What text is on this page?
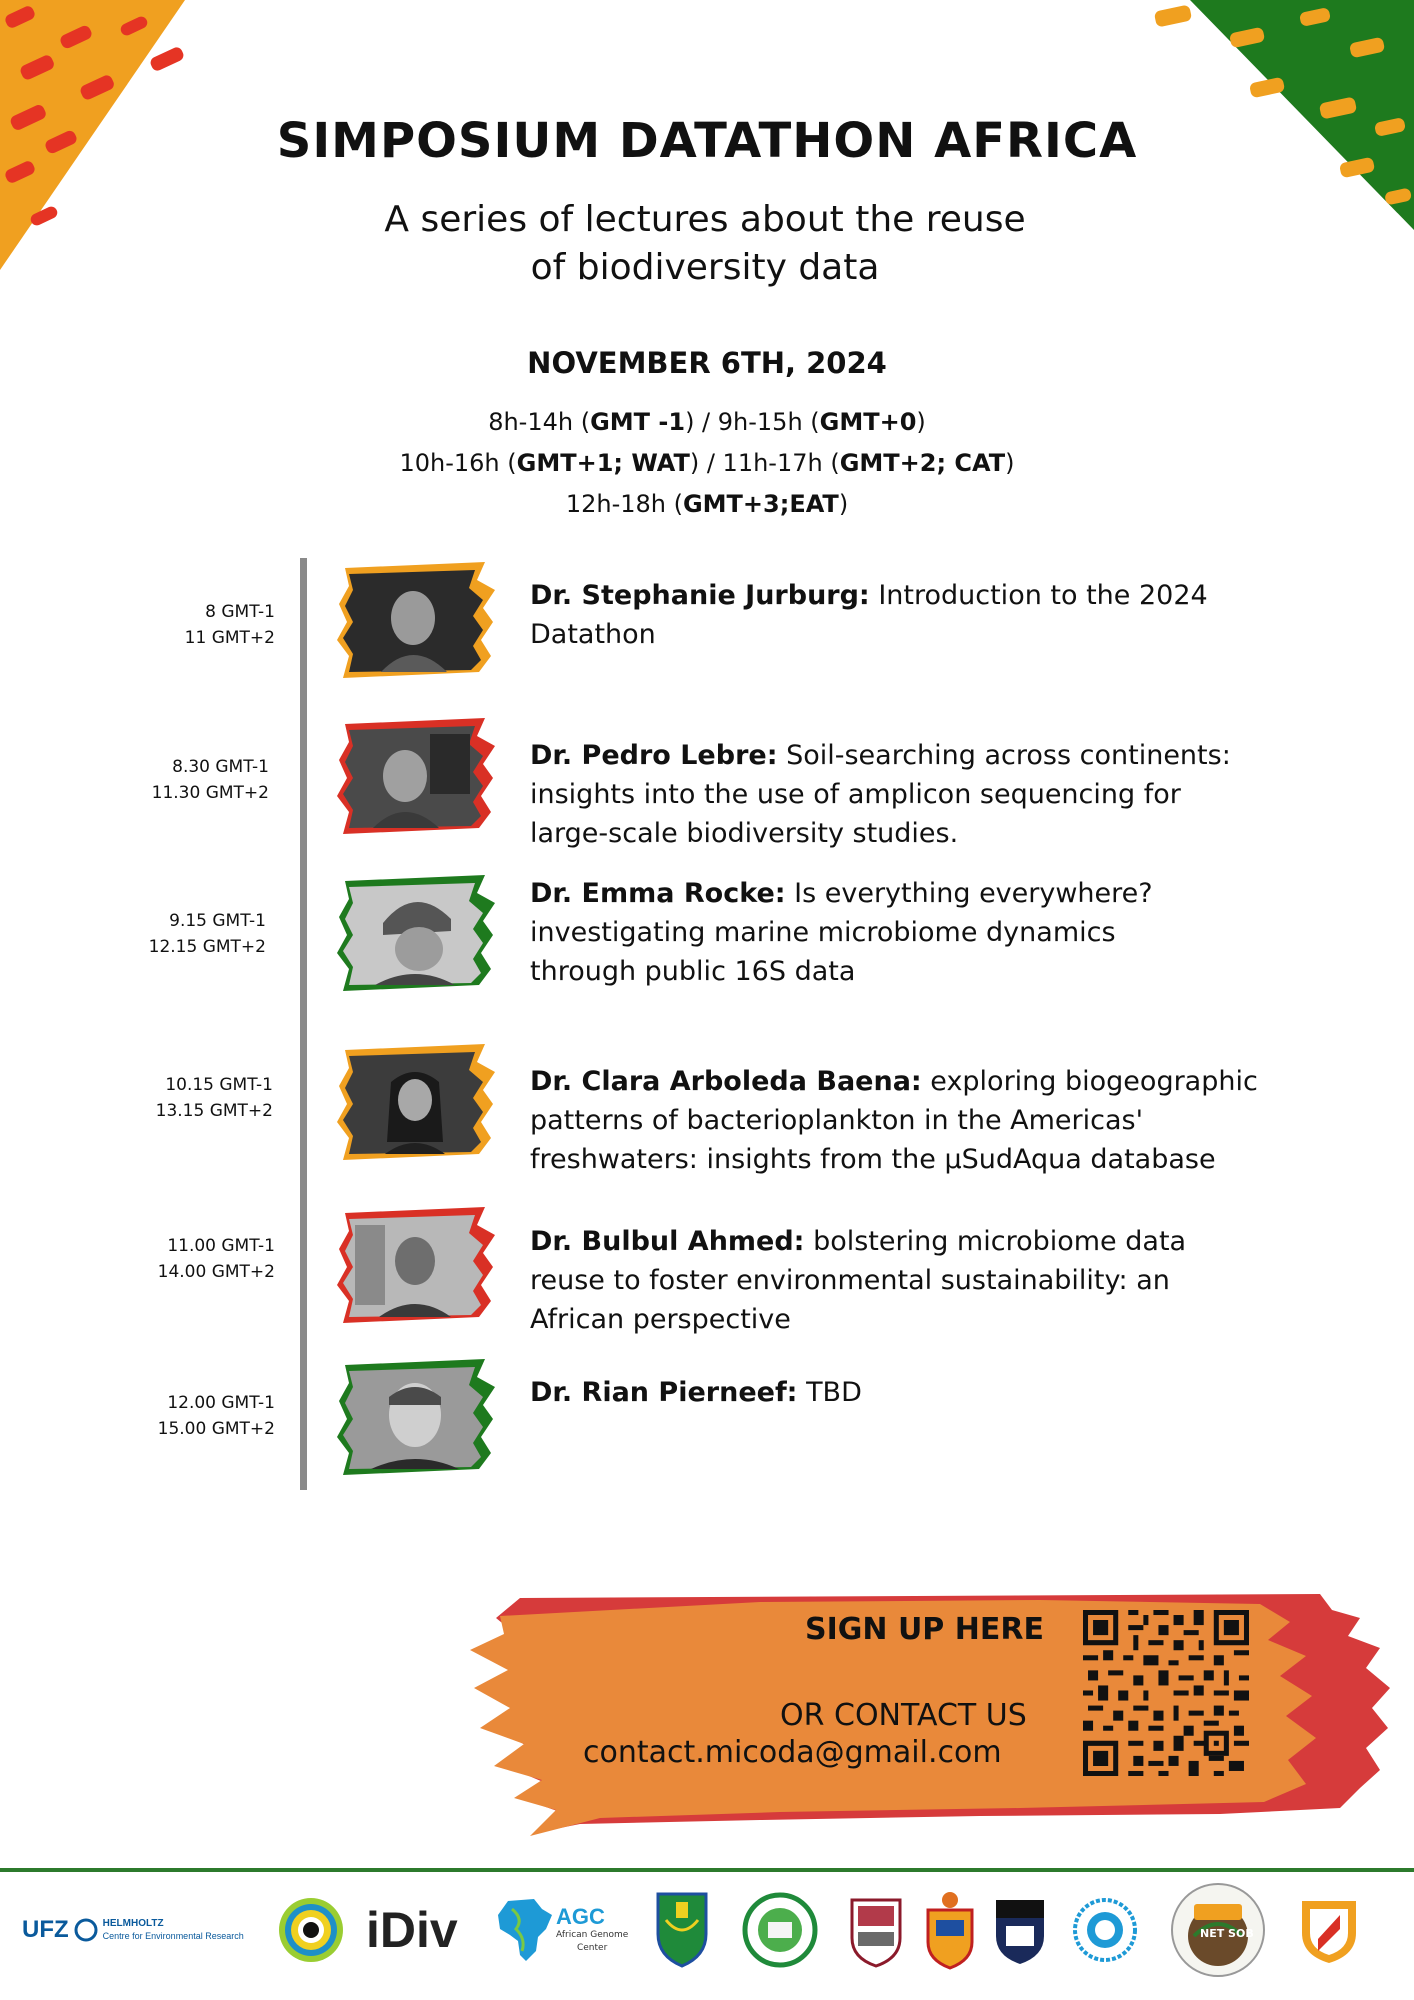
SIMPOSIUM DATATHON AFRICA
A series of lectures about the reuse
of biodiversity data
NOVEMBER 6TH, 2024
8h-14h (GMT -1) / 9h-15h (GMT+0)
10h-16h (GMT+1; WAT) / 11h-17h (GMT+2; CAT)
12h-18h (GMT+3;EAT)
8 GMT-1
11 GMT+2
Dr. Stephanie Jurburg: Introduction to the 2024
Datathon
8.30 GMT-1
11.30 GMT+2
Dr. Pedro Lebre: Soil-searching across continents:
insights into the use of amplicon sequencing for
large-scale biodiversity studies.
9.15 GMT-1
12.15 GMT+2
Dr. Emma Rocke: Is everything everywhere?
investigating marine microbiome dynamics
through public 16S data
10.15 GMT-1
13.15 GMT+2
Dr. Clara Arboleda Baena: exploring biogeographic
patterns of bacterioplankton in the Americas'
freshwaters: insights from the μSudAqua database
11.00 GMT-1
14.00 GMT+2
Dr. Bulbul Ahmed: bolstering microbiome data
reuse to foster environmental sustainability: an
African perspective
12.00 GMT-1
15.00 GMT+2
Dr. Rian Pierneef: TBD
SIGN UP HERE
OR CONTACT US
contact.micoda@gmail.com
UFZ	HELMHOLTZ
Centre for Environmental Research iDiv	AGC
African Genome
Center
NET SOB
